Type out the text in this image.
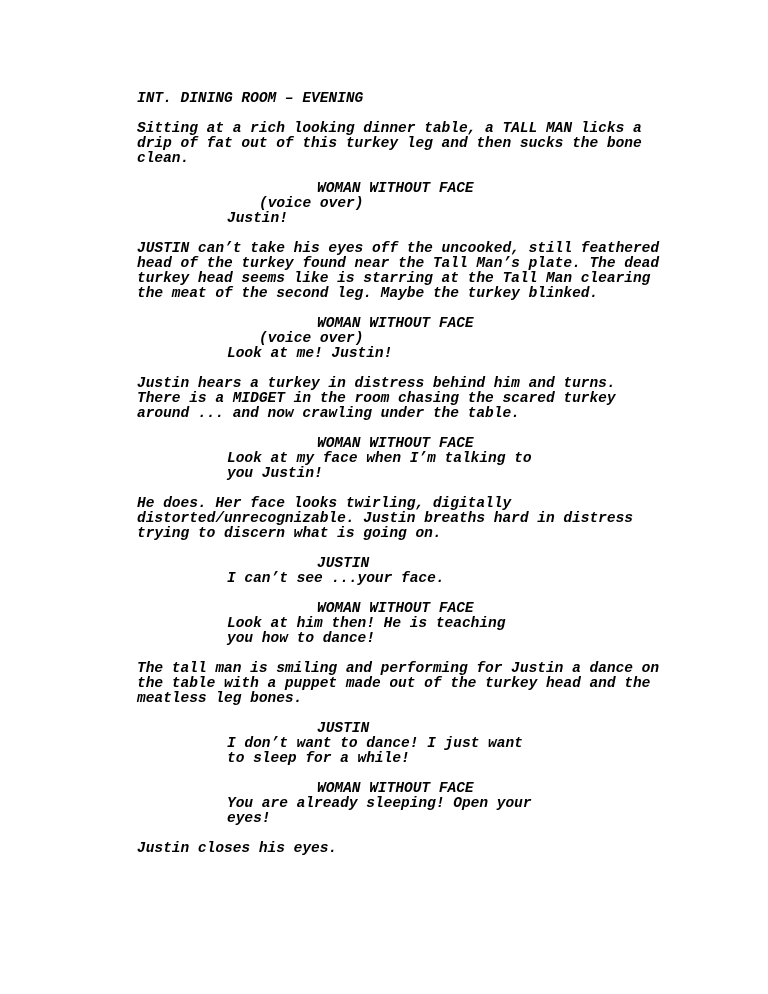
INT. DINING ROOM – EVENING

Sitting at a rich looking dinner table, a TALL MAN licks a

drip of fat out of this turkey leg and then sucks the bone

clean.

WOMAN WITHOUT FACE

(voice over)

Justin!

JUSTIN can’t take his eyes off the uncooked, still feathered

head of the turkey found near the Tall Man’s plate. The dead

turkey head seems like is starring at the Tall Man clearing

the meat of the second leg. Maybe the turkey blinked.

WOMAN WITHOUT FACE

(voice over)

Look at me! Justin!

Justin hears a turkey in distress behind him and turns.

There is a MIDGET in the room chasing the scared turkey

around ... and now crawling under the table.

WOMAN WITHOUT FACE

Look at my face when I’m talking to

you Justin!

He does. Her face looks twirling, digitally

distorted/unrecognizable. Justin breaths hard in distress

trying to discern what is going on.

JUSTIN

I can’t see ...your face.

WOMAN WITHOUT FACE

Look at him then! He is teaching

you how to dance!

The tall man is smiling and performing for Justin a dance on

the table with a puppet made out of the turkey head and the

meatless leg bones.

JUSTIN

I don’t want to dance! I just want

to sleep for a while!

WOMAN WITHOUT FACE

You are already sleeping! Open your

eyes!

Justin closes his eyes.
